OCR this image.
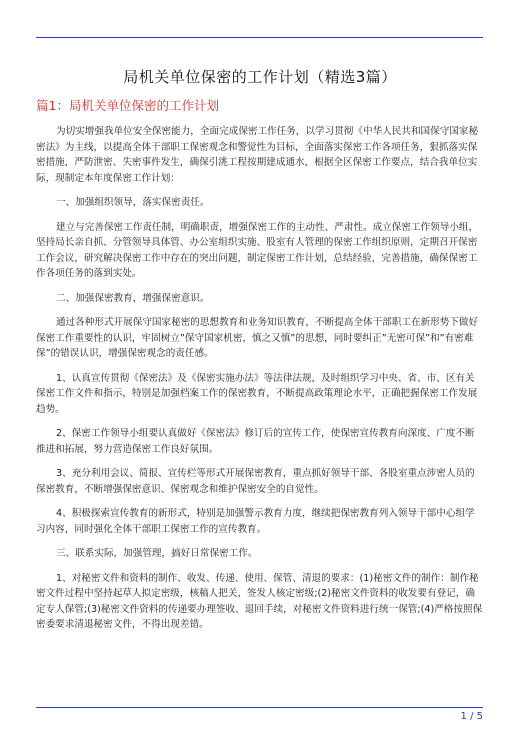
局机关单位保密的工作计划（精选3篇）
篇1：局机关单位保密的工作计划

为切实增强我单位安全保密能力，全面完成保密工作任务，以学习贯彻《中华人民共和国保守国家秘密法》为主线，以提高全体干部职工保密观念和警觉性为目标，全面落实保密工作各项任务，狠抓落实保密措施，严防泄密、失密事件发生，确保引洮工程按期建成通水，根据全区保密工作要点，结合我单位实际，现制定本年度保密工作计划：

一、加强组织领导，落实保密责任。

建立与完善保密工作责任制，明确职责，增强保密工作的主动性、严肃性。成立保密工作领导小组，坚持局长亲自抓、分管领导具体管、办公室组织实施、股室有人管理的保密工作组织原则，定期召开保密工作会议，研究解决保密工作中存在的突出问题，制定保密工作计划，总结经验，完善措施，确保保密工作各项任务的落到实处。

二、加强保密教育，增强保密意识。

通过各种形式开展保守国家秘密的思想教育和业务知识教育，不断提高全体干部职工在新形势下做好保密工作重要性的认识，牢固树立”保守国家机密，慎之又慎”的思想，同时要纠正”无密可保”和”有密难保”的错误认识，增强保密观念的责任感。

1、认真宣传贯彻《保密法》及《保密实施办法》等法律法规，及时组织学习中央、省、市、区有关保密工作文件和指示，特别是加强档案工作的保密教育，不断提高政策理论水平，正确把握保密工作发展趋势。

2、保密工作领导小组要认真做好《保密法》修订后的宣传工作，使保密宣传教育向深度、广度不断推进和拓展，努力营造保密工作良好氛围。

3、充分利用会议、简报、宣传栏等形式开展保密教育，重点抓好领导干部、各股室重点涉密人员的保密教育，不断增强保密意识、保密观念和维护保密安全的自觉性。

4、积极探索宣传教育的新形式，特别是加强警示教育力度，继续把保密教育列入领导干部中心组学习内容，同时强化全体干部职工保密工作的宣传教育。

三、联系实际，加强管理，搞好日常保密工作。

1、对秘密文件和资料的制作、收发、传递、使用、保管、清退的要求：(1)秘密文件的制作：制作秘密文件过程中坚持起草人拟定密级，核稿人把关，签发人核定密级;(2)秘密文件资料的收发要有登记，确定专人保管;(3)秘密文件资料的传递要办理签收、退回手续，对秘密文件资料进行统一保管;(4)严格按照保密委要求清退秘密文件，不得出现差错。

1 / 5
